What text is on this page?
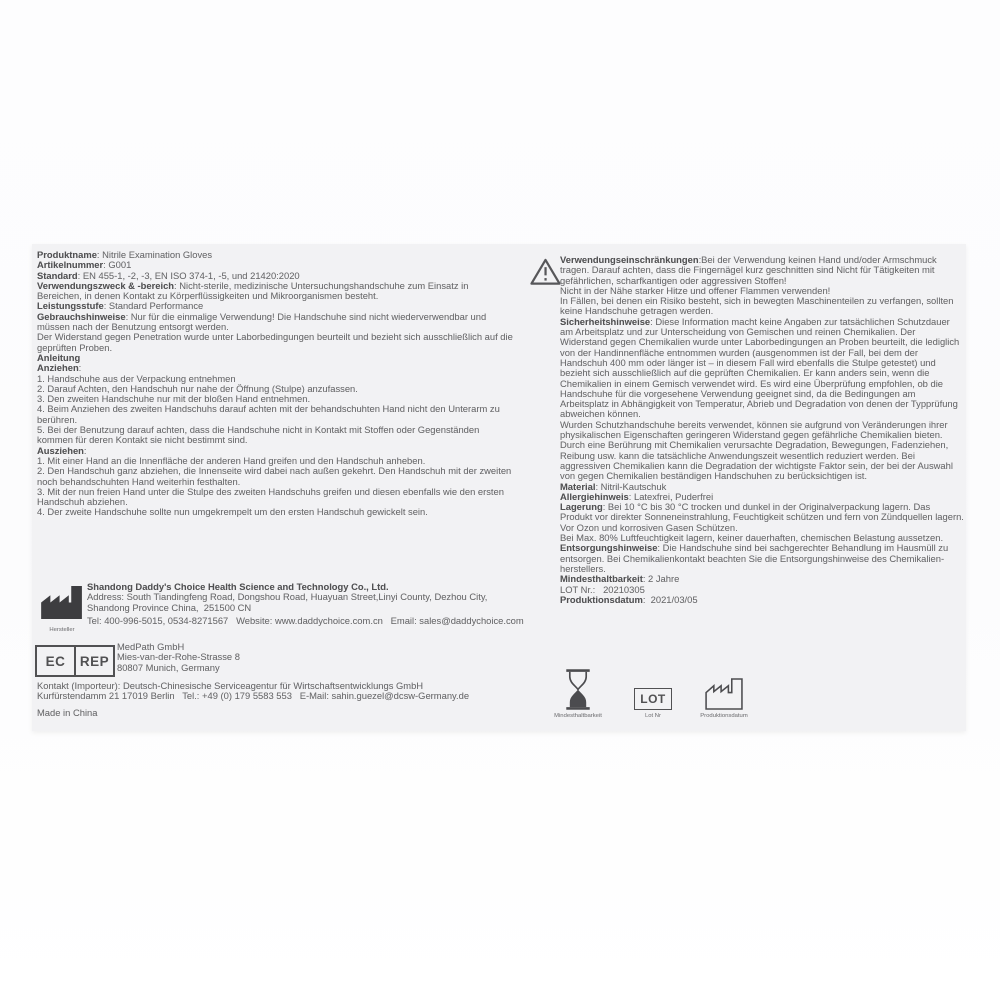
Produktname: Nitrile Examination Gloves
Artikelnummer: G001
Standard: EN 455-1, -2, -3, EN ISO 374-1, -5, und 21420:2020
Verwendungszweck & -bereich: Nicht-sterile, medizinische Untersuchungshandschuhe zum Einsatz in Bereichen, in denen Kontakt zu Körperflüssigkeiten und Mikroorganismen besteht.
Leistungsstufe: Standard Performance
Gebrauchshinweise: Nur für die einmalige Verwendung! Die Handschuhe sind nicht wiederverwendbar und müssen nach der Benutzung entsorgt werden.
Der Widerstand gegen Penetration wurde unter Laborbedingungen beurteilt und bezieht sich ausschließlich auf die geprüften Proben.
Anleitung
Anziehen:
1. Handschuhe aus der Verpackung entnehmen
2. Darauf Achten, den Handschuh nur nahe der Öffnung (Stulpe) anzufassen.
3. Den zweiten Handschuhe nur mit der bloßen Hand entnehmen.
4. Beim Anziehen des zweiten Handschuhs darauf achten mit der behandschuhten Hand nicht den Unterarm zu berühren.
5. Bei der Benutzung darauf achten, dass die Handschuhe nicht in Kontakt mit Stoffen oder Gegenständen kommen für deren Kontakt sie nicht bestimmt sind.
Ausziehen:
1. Mit einer Hand an die Innenfläche der anderen Hand greifen und den Handschuh anheben.
2. Den Handschuh ganz abziehen, die Innenseite wird dabei nach außen gekehrt. Den Handschuh mit der zweiten noch behandschuhten Hand weiterhin festhalten.
3. Mit der nun freien Hand unter die Stulpe des zweiten Handschuhs greifen und diesen ebenfalls wie den ersten Handschuh abziehen.
4. Der zweite Handschuhe sollte nun umgekrempelt um den ersten Handschuh gewickelt sein.
Hersteller
Shandong Daddy's Choice Health Science and Technology Co., Ltd.
Address: South Tiandingfeng Road, Dongshou Road, Huayuan Street,Linyi County, Dezhou City, Shandong Province China,  251500 CN
Tel: 400-996-5015, 0534-8271567   Website: www.daddychoice.com.cn   Email: sales@daddychoice.com
EC	REP
MedPath GmbH
Mies-van-der-Rohe-Strasse 8
80807 Munich, Germany
Kontakt (Importeur): Deutsch-Chinesische Serviceagentur für Wirtschaftsentwicklungs GmbH
Kurfürstendamm 21 17019 Berlin   Tel.: +49 (0) 179 5583 553   E-Mail: sahin.guezel@dcsw-Germany.de
Made in China
Verwendungseinschränkungen:Bei der Verwendung keinen Hand und/oder Armschmuck tragen. Darauf achten, dass die Fingernägel kurz geschnitten sind Nicht für Tätigkeiten mit gefährlichen, scharfkantigen oder aggressiven Stoffen!
Nicht in der Nähe starker Hitze und offener Flammen verwenden!
In Fällen, bei denen ein Risiko besteht, sich in bewegten Maschinenteilen zu verfangen, sollten keine Handschuhe getragen werden.
Sicherheitshinweise: Diese Information macht keine Angaben zur tatsächlichen Schutzdauer am Arbeitsplatz und zur Unterscheidung von Gemischen und reinen Chemikalien. Der Widerstand gegen Chemikalien wurde unter Laborbedingungen an Proben beurteilt, die lediglich von der Handinnenfläche entnommen wurden (ausgenommen ist der Fall, bei dem der Handschuh 400 mm oder länger ist – in diesem Fall wird ebenfalls die Stulpe getestet) und bezieht sich ausschließlich auf die geprüften Chemikalien. Er kann anders sein, wenn die Chemikalien in einem Gemisch verwendet wird. Es wird eine Überprüfung empfohlen, ob die Handschuhe für die vorgesehene Verwendung geeignet sind, da die Bedingungen am Arbeitsplatz in Abhängigkeit von Temperatur, Abrieb und Degradation von denen der Typprüfung abweichen können.
Wurden Schutzhandschuhe bereits verwendet, können sie aufgrund von Veränderungen ihrer physikalischen Eigenschaften geringeren Widerstand gegen gefährliche Chemikalien bieten. Durch eine Berührung mit Chemikalien verursachte Degradation, Bewegungen, Fadenziehen, Reibung usw. kann die tatsächliche Anwendungszeit wesentlich reduziert werden. Bei aggressiven Chemikalien kann die Degradation der wichtigste Faktor sein, der bei der Auswahl von gegen Chemikalien beständigen Handschuhen zu berücksichtigen ist.
Material: Nitril-Kautschuk
Allergiehinweis: Latexfrei, Puderfrei
Lagerung: Bei 10 °C bis 30 °C trocken und dunkel in der Originalverpackung lagern. Das Produkt vor direkter Sonneneinstrahlung, Feuchtigkeit schützen und fern von Zündquellen lagern. Vor Ozon und korrosiven Gasen Schützen.
Bei Max. 80% Luftfeuchtigkeit lagern, keiner dauerhaften, chemischen Belastung aussetzen.
Entsorgungshinweise: Die Handschuhe sind bei sachgerechter Behandlung im Hausmüll zu entsorgen. Bei Chemikalienkontakt beachten Sie die Entsorgungshinweise des Chemikalien-herstellers.
Mindesthaltbarkeit: 2 Jahre
LOT Nr.:   20210305
Produktionsdatum:  2021/03/05
Mindesthaltbarkeit
LOT
Lot Nr	Produktionsdatum
